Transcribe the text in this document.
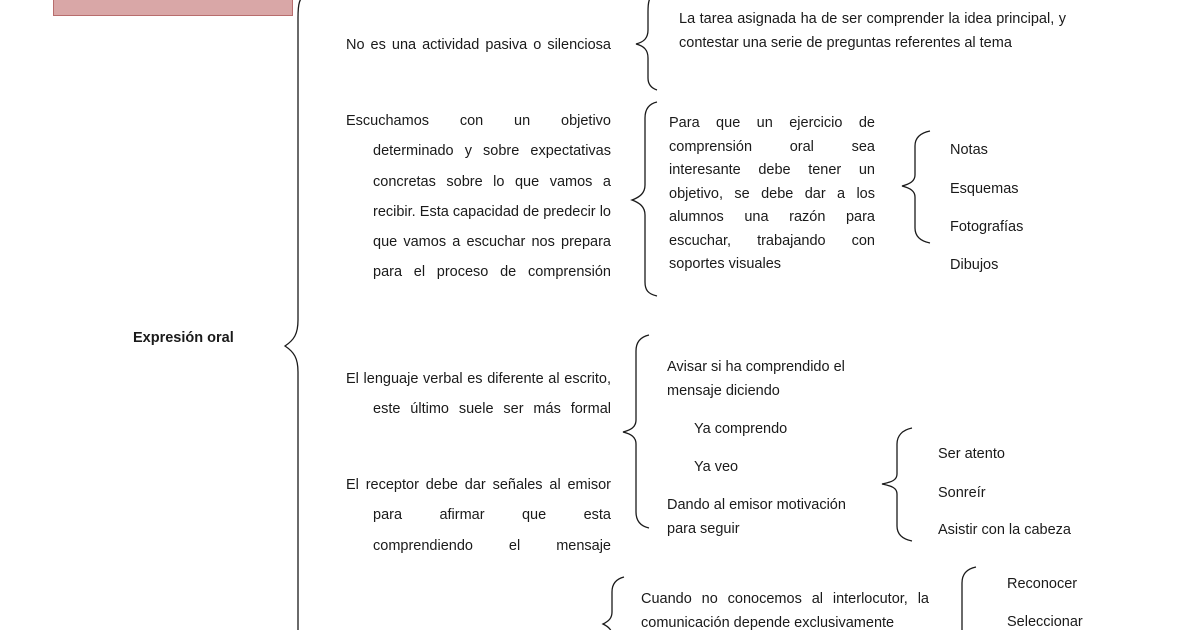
Expresión oral
No es una actividad pasiva o silenciosa
Escuchamos con un objetivo determinado y sobre expectativas concretas sobre lo que vamos a recibir. Esta capacidad de predecir lo que vamos a escuchar nos prepara para el proceso de comprensión
El lenguaje verbal es diferente al escrito, este último suele ser más formal
El receptor debe dar señales al emisor para afirmar que esta comprendiendo el mensaje
La tarea asignada ha de ser comprender la idea principal, y contestar una serie de preguntas referentes al tema
Para que un ejercicio de comprensión oral sea interesante debe tener un objetivo, se debe dar a los alumnos una razón para escuchar, trabajando con soportes visuales
Notas
Esquemas
Fotografías
Dibujos
Avisar si ha comprendido el mensaje diciendo
Ya comprendo
Ya veo
Dando al emisor motivación para seguir
Ser atento
Sonreír
Asistir con la cabeza
Cuando no conocemos al interlocutor, la comunicación depende exclusivamente
Reconocer
Seleccionar
